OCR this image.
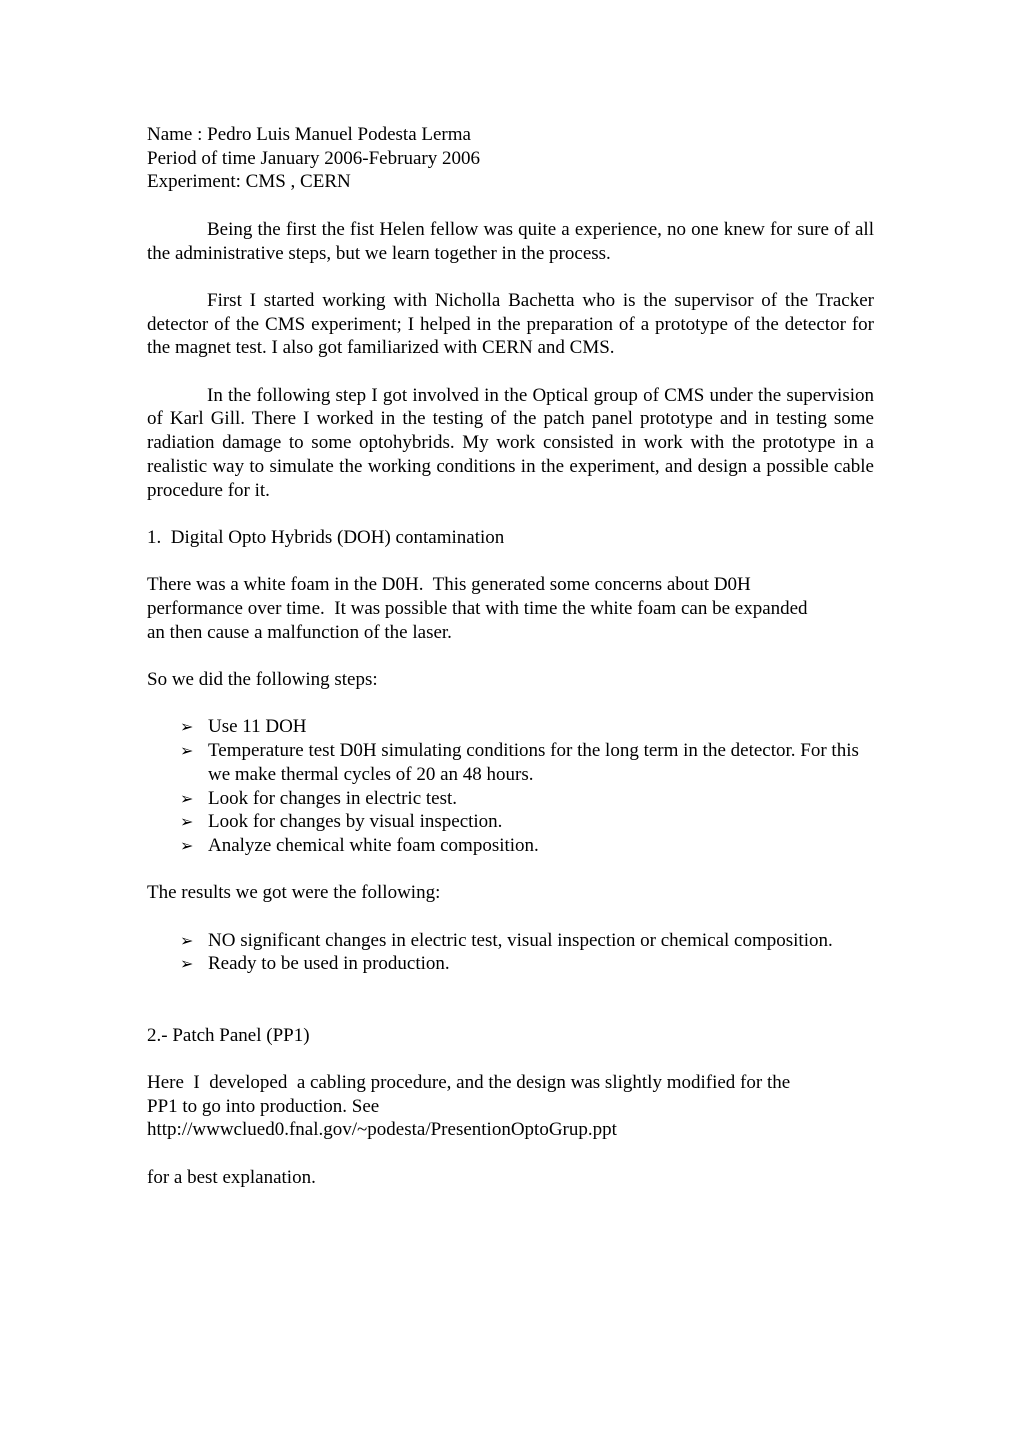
Name : Pedro Luis Manuel Podesta Lerma
Period of time January 2006-February 2006
Experiment: CMS , CERN

Being the first the fist Helen fellow was quite a experience, no one knew for sure of all the administrative steps, but we learn together in the process.

First I started working with Nicholla Bachetta who is the supervisor of the Tracker detector of the CMS experiment; I helped in the preparation of a prototype of the detector for the magnet test. I also got familiarized with CERN and CMS.

In the following step I got involved in the Optical group of CMS under the supervision of Karl Gill. There I worked in the testing of the patch panel prototype and in testing some radiation damage to some optohybrids. My work consisted in work with the prototype in a realistic way to simulate the working conditions in the experiment, and design a possible cable procedure for it.

1.  Digital Opto Hybrids (DOH) contamination
There was a white foam in the D0H.  This generated some concerns about D0H
performance over time.  It was possible that with time the white foam can be expanded
an then cause a malfunction of the laser.
So we did the following steps:
➢ Use 11 DOH
➢ Temperature test D0H simulating conditions for the long term in the detector. For this we make thermal cycles of 20 an 48 hours.
➢ Look for changes in electric test.
➢ Look for changes by visual inspection.
➢ Analyze chemical white foam composition.
The results we got were the following:
➢ NO significant changes in electric test, visual inspection or chemical composition.
➢ Ready to be used in production.
2.- Patch Panel (PP1)
Here  I  developed  a cabling procedure, and the design was slightly modified for the
PP1 to go into production. See
http://wwwclued0.fnal.gov/~podesta/PresentionOptoGrup.ppt
for a best explanation.
